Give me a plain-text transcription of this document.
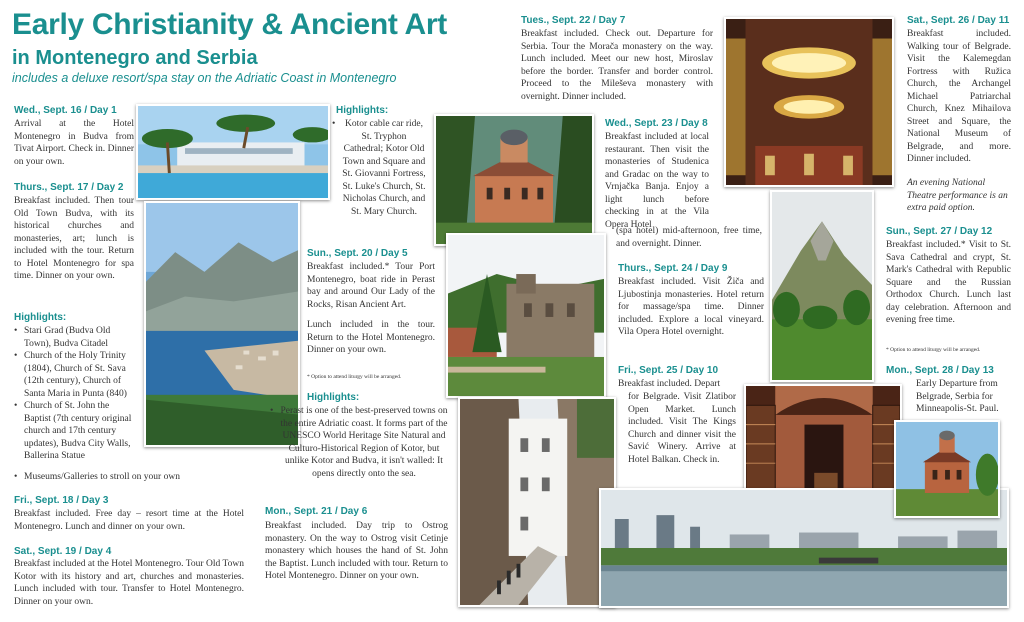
Early Christianity & Ancient Art
in Montenegro and Serbia
includes a deluxe resort/spa stay on the Adriatic Coast in Montenegro
Wed., Sept. 16 / Day 1
Arrival at the Hotel Montenegro in Budva from Tivat Airport. Check in. Dinner on your own.
Thurs., Sept. 17 / Day 2
Breakfast included. Then tour Old Town Budva, with its historical churches and monasteries, art; lunch is included with the tour. Return to Hotel Montenegro for spa time. Dinner on your own.
Highlights:
• Stari Grad (Budva Old Town), Budva Citadel
• Church of the Holy Trinity (1804), Church of St. Sava (12th century), Church of Santa Maria in Punta (840)
• Church of St. John the Baptist (7th century original church and 17th century updates), Budva City Walls, Ballerina Statue
• Museums/Galleries to stroll on your own
Fri., Sept. 18 / Day 3
Breakfast included. Free day – resort time at the Hotel Montenegro. Lunch and dinner on your own.
Sat., Sept. 19 / Day 4
Breakfast included at the Hotel Montenegro. Tour Old Town Kotor with its history and art, churches and monasteries. Lunch included with tour. Transfer to Hotel Montenegro. Dinner on your own.
Highlights:
• Kotor cable car ride, St. Tryphon Cathedral; Kotor Old Town and Square and St. Giovanni Fortress, St. Luke's Church, St. Nicholas Church, and St. Mary Church.
Sun., Sept. 20 / Day 5
Breakfast included.* Tour Port Montenegro, boat ride in Perast bay and around Our Lady of the Rocks, Risan Ancient Art.
Lunch included in the tour. Return to the Hotel Montenegro. Dinner on your own.
* Option to attend liturgy will be arranged.
Highlights:
• Perast is one of the best-preserved towns on the entire Adriatic coast. It forms part of the UNESCO World Heritage Site Natural and Culturo-Historical Region of Kotor, but unlike Kotor and Budva, it isn't walled: It opens directly onto the sea.
Mon., Sept. 21 / Day 6
Breakfast included. Day trip to Ostrog monastery. On the way to Ostrog visit Cetinje monastery which houses the hand of St. John the Baptist. Lunch included with tour. Return to Hotel Montenegro. Dinner on your own.
Tues., Sept. 22 / Day 7
Breakfast included. Check out. Departure for Serbia. Tour the Morača monastery on the way. Lunch included. Meet our new host, Miroslav before the border. Transfer and border control. Proceed to the Mileševa monastery with overnight. Dinner included.
Wed., Sept. 23 / Day 8
Breakfast included at local restaurant. Then visit the monasteries of Studenica and Gradac on the way to Vrnjačka Banja. Enjoy a light lunch before checking in at the Vila Opera Hotel
(spa hotel) mid-afternoon, free time, and overnight. Dinner.
Thurs., Sept. 24 / Day 9
Breakfast included. Visit Žiča and Ljubostinja monasteries. Hotel return for massage/spa time. Dinner included. Explore a local vineyard. Vila Opera Hotel overnight.
Fri., Sept. 25 / Day 10
Breakfast included. Depart
for Belgrade. Visit Zlatibor Open Market. Lunch included. Visit The Kings Church and dinner visit the Savić Winery. Arrive at Hotel Balkan. Check in.
Sat., Sept. 26 / Day 11
Breakfast included. Walking tour of Belgrade. Visit the Kalemegdan Fortress with Ružica Church, the Archangel Michael Patriarchal Church, Knez Mihailova Street and Square, the National Museum of Belgrade, and more. Dinner included.
An evening National Theatre performance is an extra paid option.
Sun., Sept. 27 / Day 12
Breakfast included.* Visit to St. Sava Cathedral and crypt, St. Mark's Cathedral with Republic Square and the Russian Orthodox Church. Lunch last day celebration. Afternoon and evening free time.
* Option to attend liturgy will be arranged.
Mon., Sept. 28 / Day 13
Early Departure from Belgrade, Serbia for Minneapolis-St. Paul.
